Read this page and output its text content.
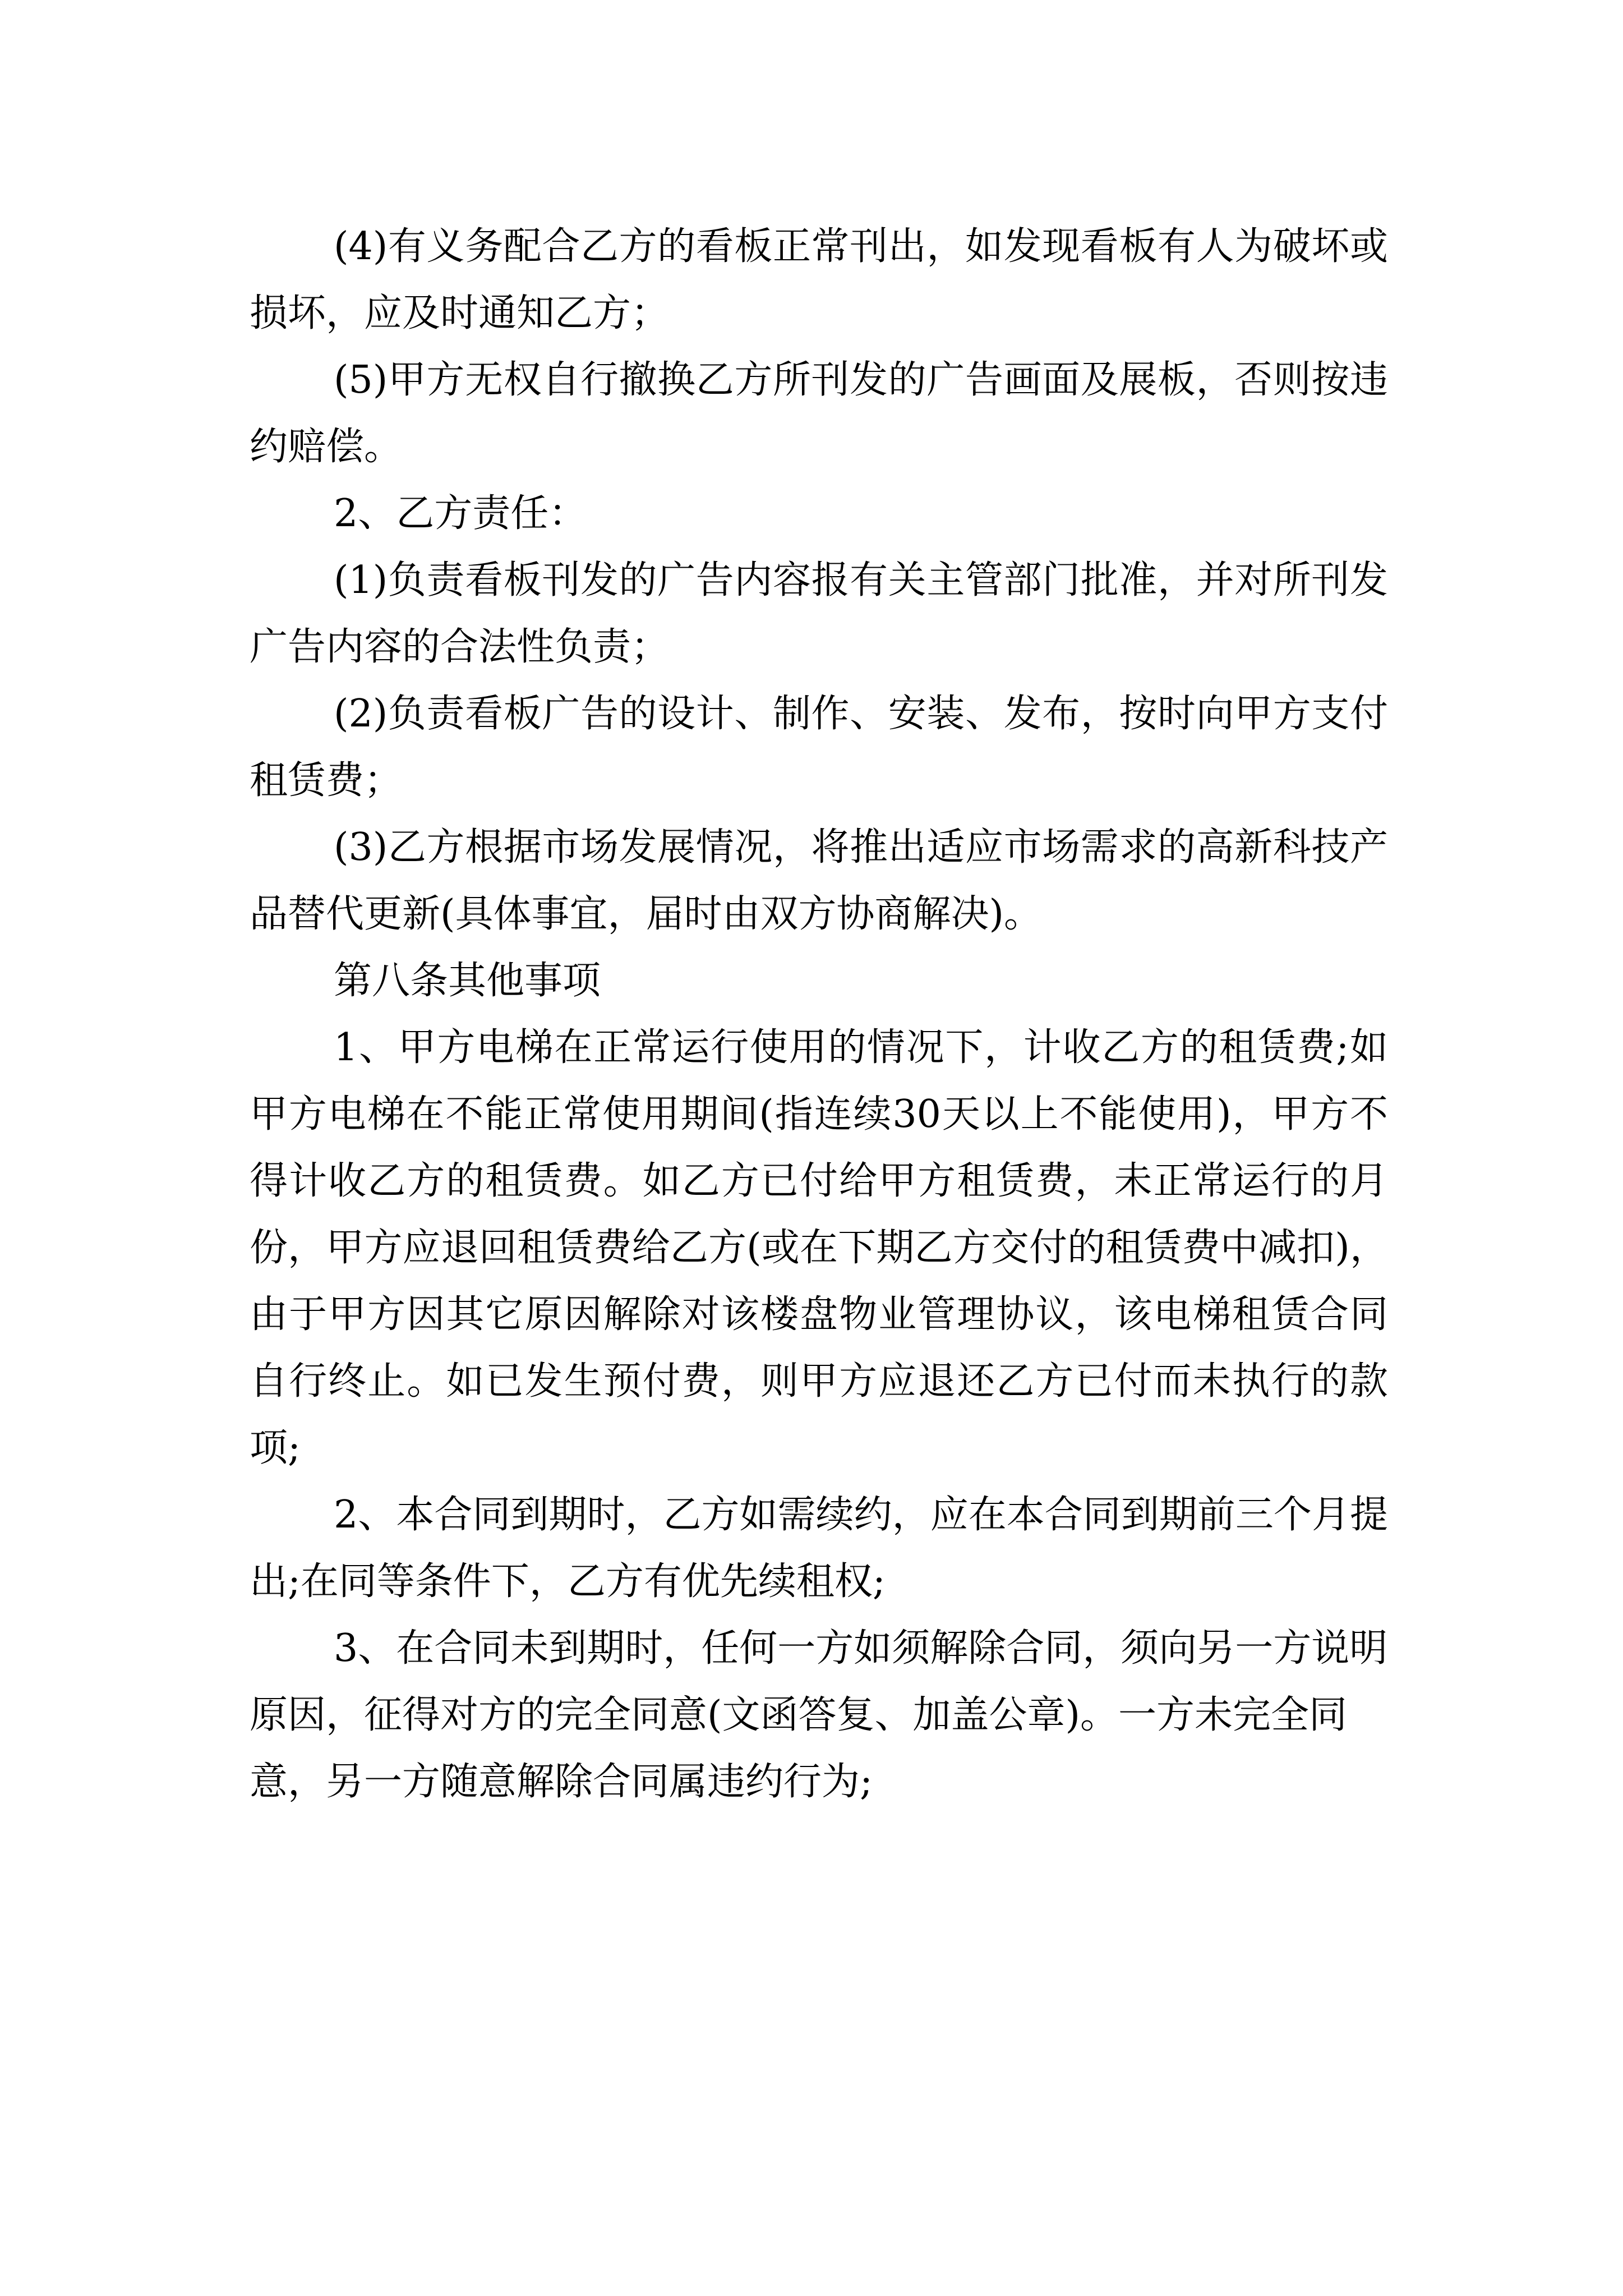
(4)有义务配合乙方的看板正常刊出，如发现看板有人为破坏或损坏，应及时通知乙方；

(5)甲方无权自行撤换乙方所刊发的广告画面及展板，否则按违约赔偿。

2、乙方责任：

(1)负责看板刊发的广告内容报有关主管部门批准，并对所刊发广告内容的合法性负责；

(2)负责看板广告的设计、制作、安装、发布，按时向甲方支付租赁费；

(3)乙方根据市场发展情况，将推出适应市场需求的高新科技产品替代更新(具体事宜，届时由双方协商解决)。

第八条其他事项

1、甲方电梯在正常运行使用的情况下，计收乙方的租赁费;如甲方电梯在不能正常使用期间(指连续30天以上不能使用)，甲方不得计收乙方的租赁费。如乙方已付给甲方租赁费，未正常运行的月份，甲方应退回租赁费给乙方(或在下期乙方交付的租赁费中减扣)，由于甲方因其它原因解除对该楼盘物业管理协议，该电梯租赁合同自行终止。如已发生预付费，则甲方应退还乙方已付而未执行的款项;

2、本合同到期时，乙方如需续约，应在本合同到期前三个月提出;在同等条件下，乙方有优先续租权;

3、在合同未到期时，任何一方如须解除合同，须向另一方说明原因，征得对方的完全同意(文函答复、加盖公章)。一方未完全同意，另一方随意解除合同属违约行为;
